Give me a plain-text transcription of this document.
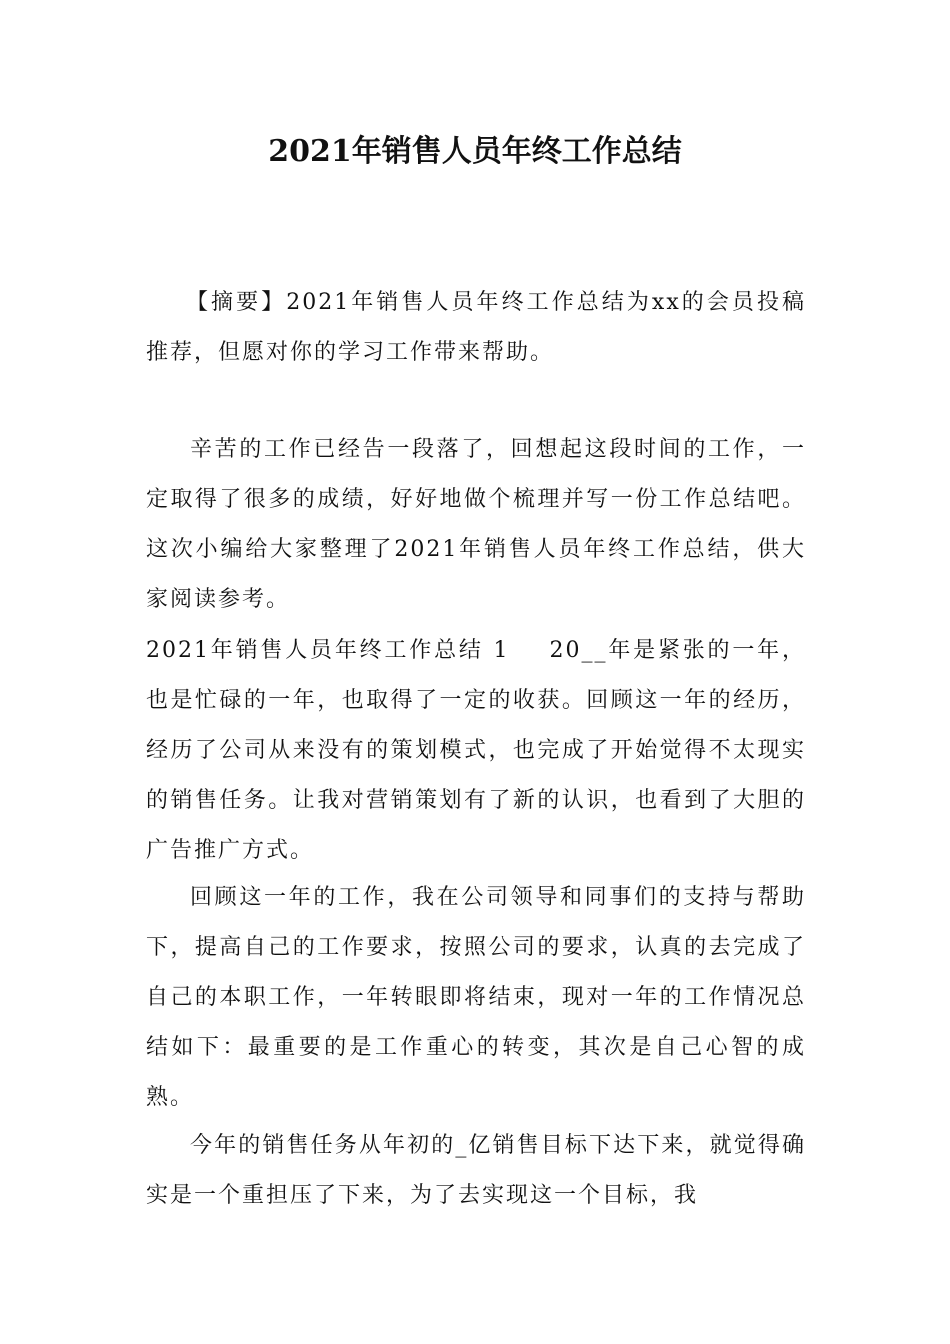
2021年销售人员年终工作总结

【摘要】2021年销售人员年终工作总结为xx的会员投稿推荐，但愿对你的学习工作带来帮助。

辛苦的工作已经告一段落了，回想起这段时间的工作，一定取得了很多的成绩，好好地做个梳理并写一份工作总结吧。这次小编给大家整理了2021年销售人员年终工作总结，供大家阅读参考。

2021年销售人员年终工作总结 1 20__年是紧张的一年，也是忙碌的一年，也取得了一定的收获。回顾这一年的经历，经历了公司从来没有的策划模式，也完成了开始觉得不太现实的销售任务。让我对营销策划有了新的认识，也看到了大胆的广告推广方式。

回顾这一年的工作，我在公司领导和同事们的支持与帮助下，提高自己的工作要求，按照公司的要求，认真的去完成了自己的本职工作，一年转眼即将结束，现对一年的工作情况总结如下：最重要的是工作重心的转变，其次是自己心智的成熟。

今年的销售任务从年初的_亿销售目标下达下来，就觉得确实是一个重担压了下来，为了去实现这一个目标，我
